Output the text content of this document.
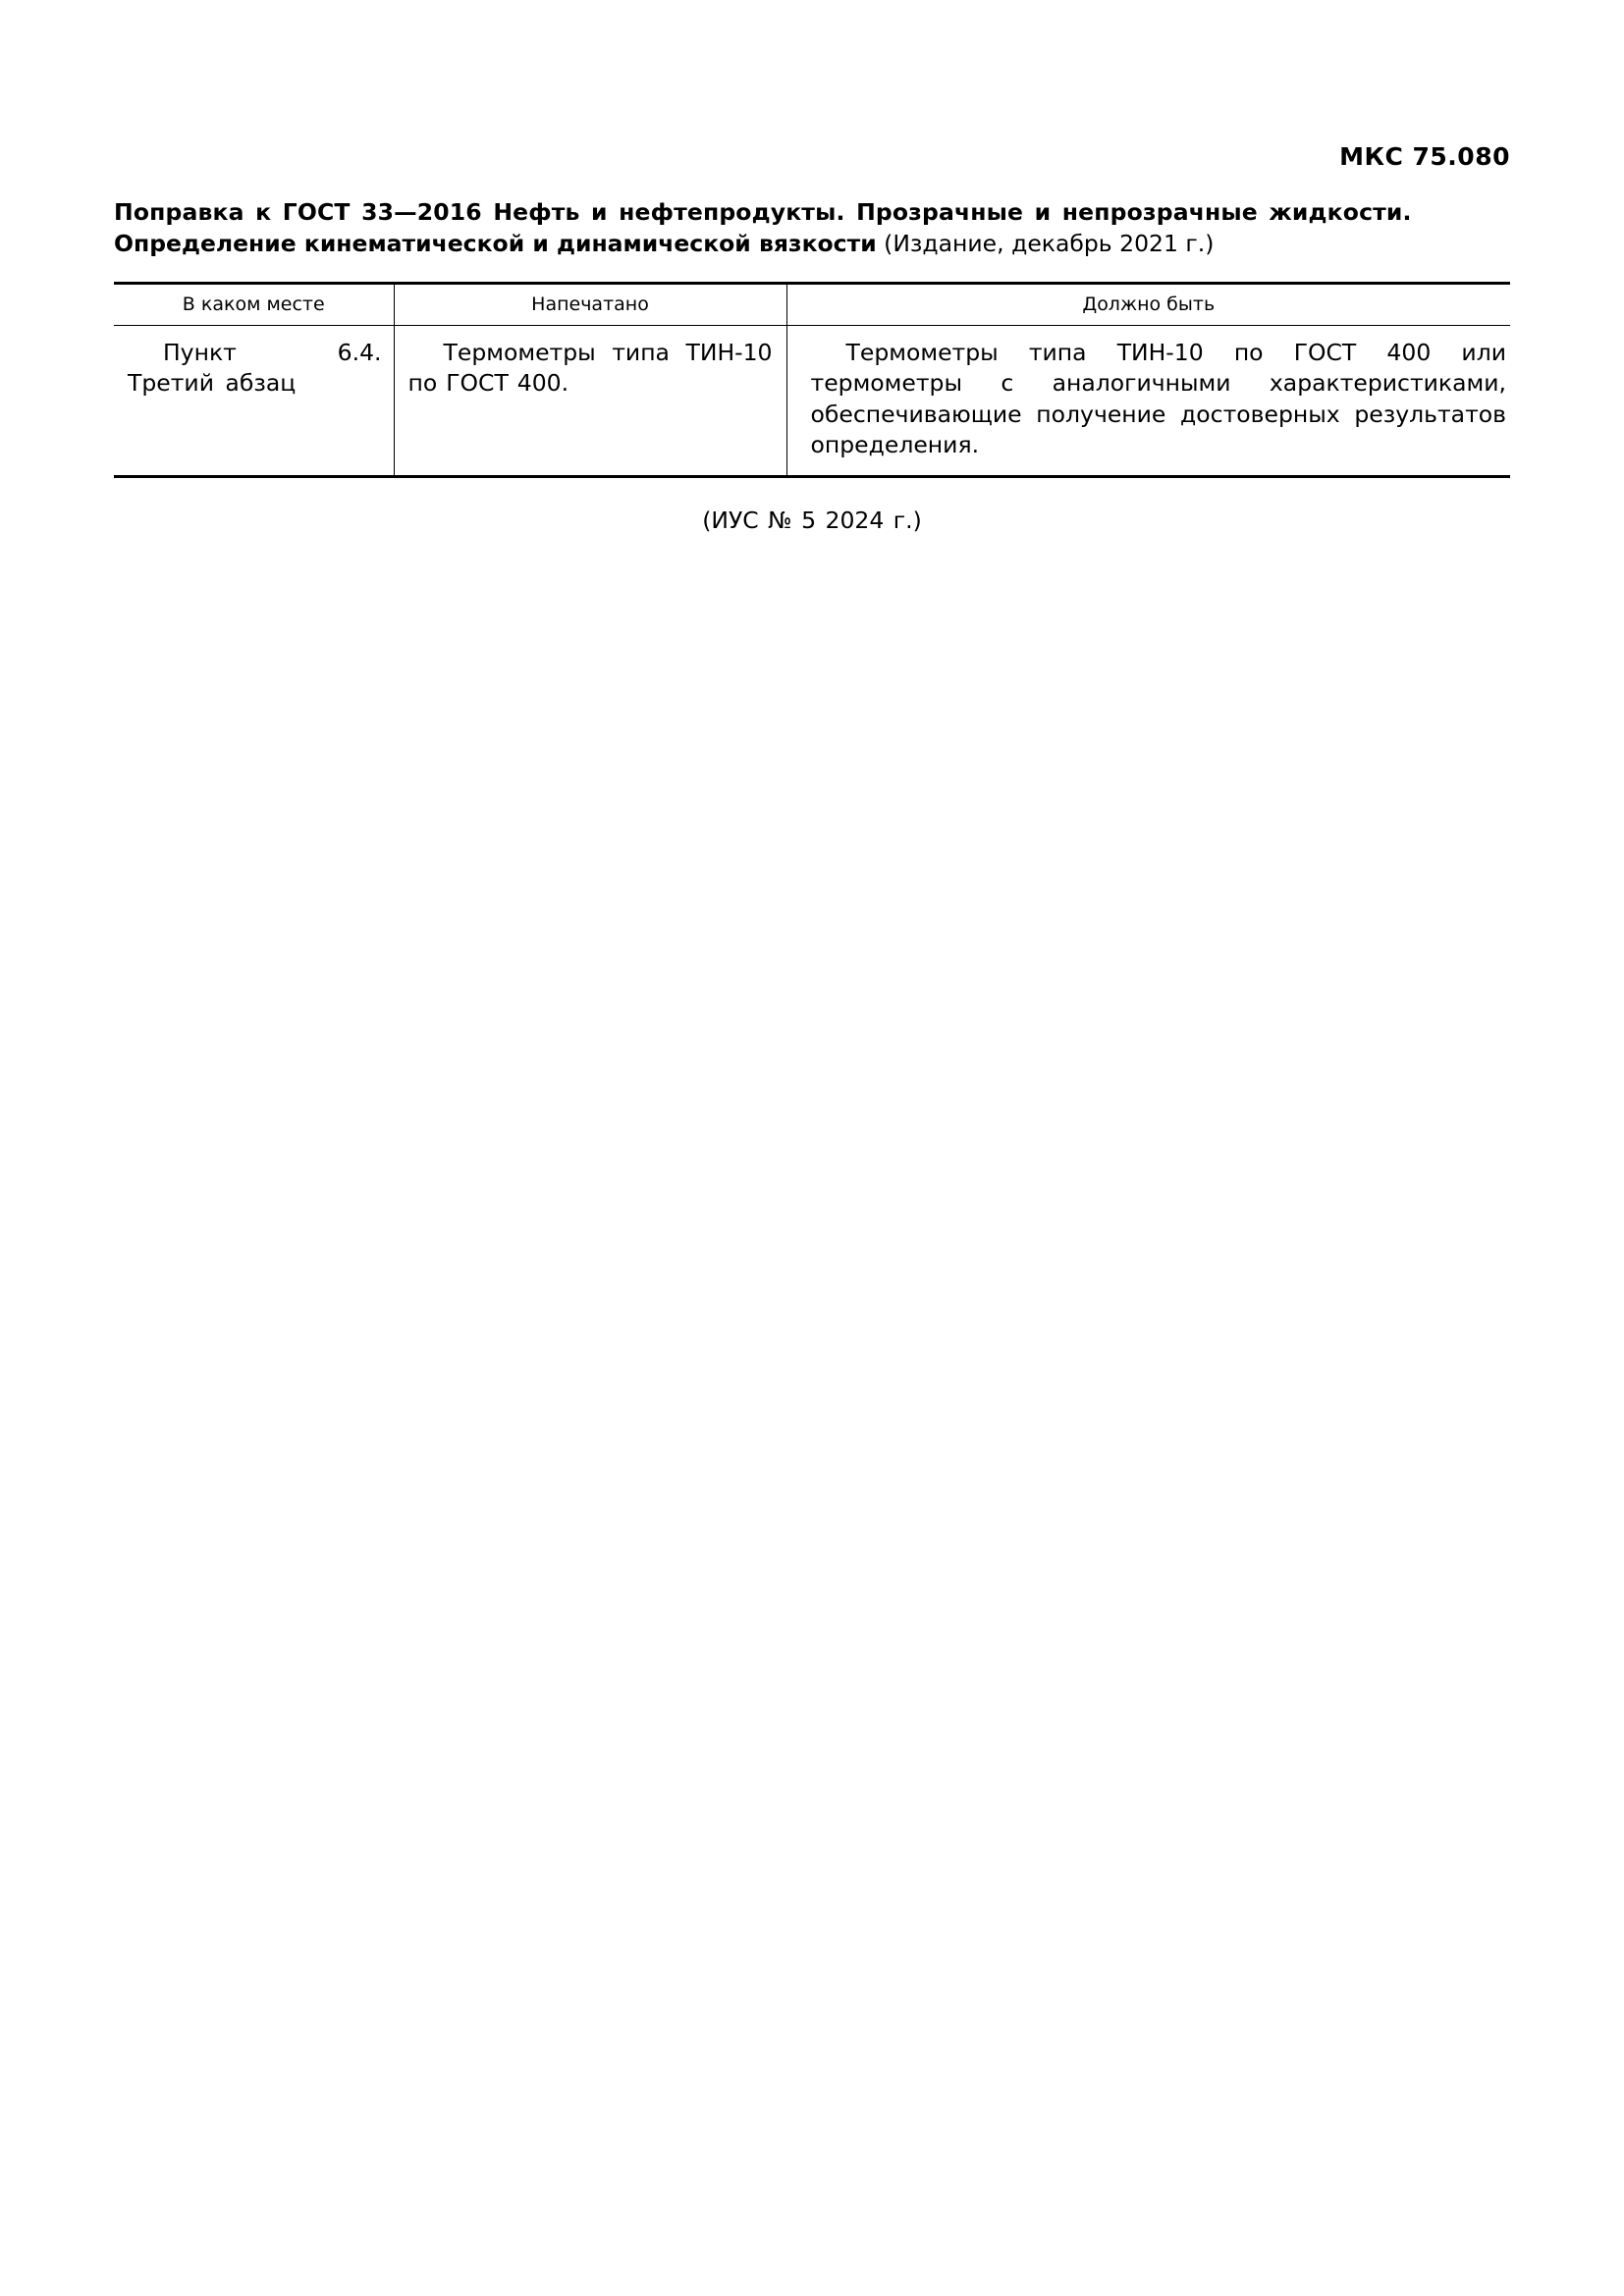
МКС 75.080
Поправка к ГОСТ 33—2016 Нефть и нефтепродукты. Прозрачные и непрозрачные жидкости. Определение кинематической и динамической вязкости (Издание, декабрь 2021 г.)
В каком месте	Напечатано	Должно быть
Пункт 6.4. Третий абзац	Термометры типа ТИН-10 по ГОСТ 400.	Термометры типа ТИН-10 по ГОСТ 400 или термометры с аналогичными характеристиками, обеспечивающие получение достоверных результатов определения.
(ИУС № 5 2024 г.)
